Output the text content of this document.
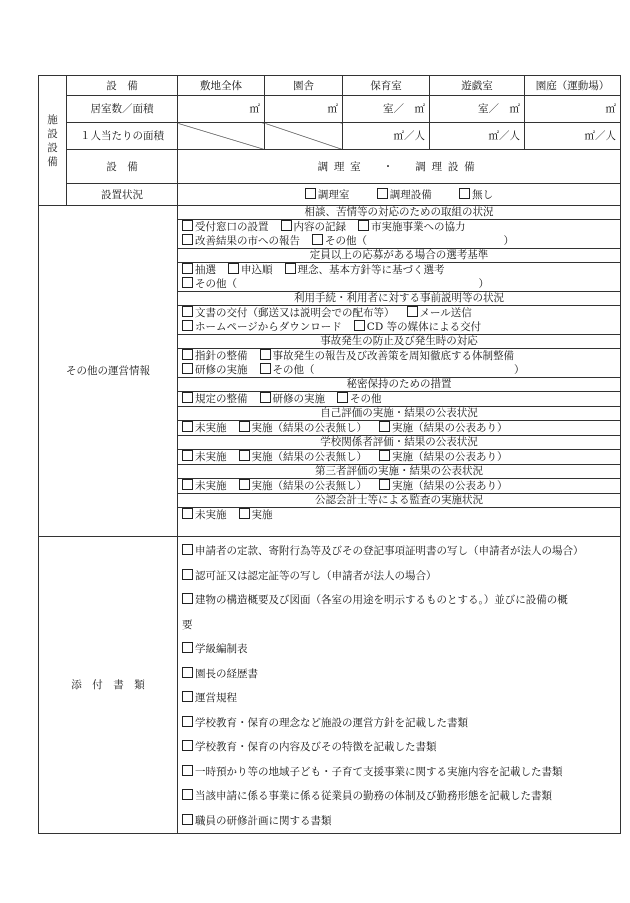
施
設
設
備
	設　備	敷地全体	園舎	保育室	遊戯室	園庭（運動場）
居室数／面積	㎡	㎡	室／　㎡	室／　㎡	㎡
１人当たりの面積			㎡／人	㎡／人	㎡／人
設　備	調理室　・　調理設備
設置状況	調理室	調理設備	無し
その他の運営情報	
相談、苦情等の対応のための取組の状況

受付窓口の設置 内容の記録 市実施事業への協力
改善結果の市への報告 その他（　　　　　　　　　　　　　）

定員以上の応募がある場合の選考基準

抽選 申込順 理念、基本方針等に基づく選考
その他（　　　　　　　　　　　　　　　　　　　　　　　）

利用手続・利用者に対する事前説明等の状況

文書の交付（郵送又は説明会での配布等） メール送信
ホームページからダウンロード CD 等の媒体による交付

事故発生の防止及び発生時の対応

指針の整備 事故発生の報告及び改善策を周知徹底する体制整備
研修の実施 その他（　　　　　　　　　　　　　　　　　　　）

秘密保持のための措置

規定の整備 研修の実施 その他

自己評価の実施・結果の公表状況

未実施 実施（結果の公表無し） 実施（結果の公表あり）

学校関係者評価・結果の公表状況

未実施 実施（結果の公表無し） 実施（結果の公表あり）

第三者評価の実施・結果の公表状況

未実施 実施（結果の公表無し） 実施（結果の公表あり）

公認会計士等による監査の実施状況

未実施 実施

添　付　書　類	
申請者の定款、寄附行為等及びその登記事項証明書の写し（申請者が法人の場合）
認可証又は認定証等の写し（申請者が法人の場合）
建物の構造概要及び図面（各室の用途を明示するものとする。）並びに設備の概
要
学級編制表
園長の経歴書
運営規程
学校教育・保育の理念など施設の運営方針を記載した書類
学校教育・保育の内容及びその特徴を記載した書類
一時預かり等の地域子ども・子育て支援事業に関する実施内容を記載した書類
当該申請に係る事業に係る従業員の勤務の体制及び勤務形態を記載した書類
職員の研修計画に関する書類
